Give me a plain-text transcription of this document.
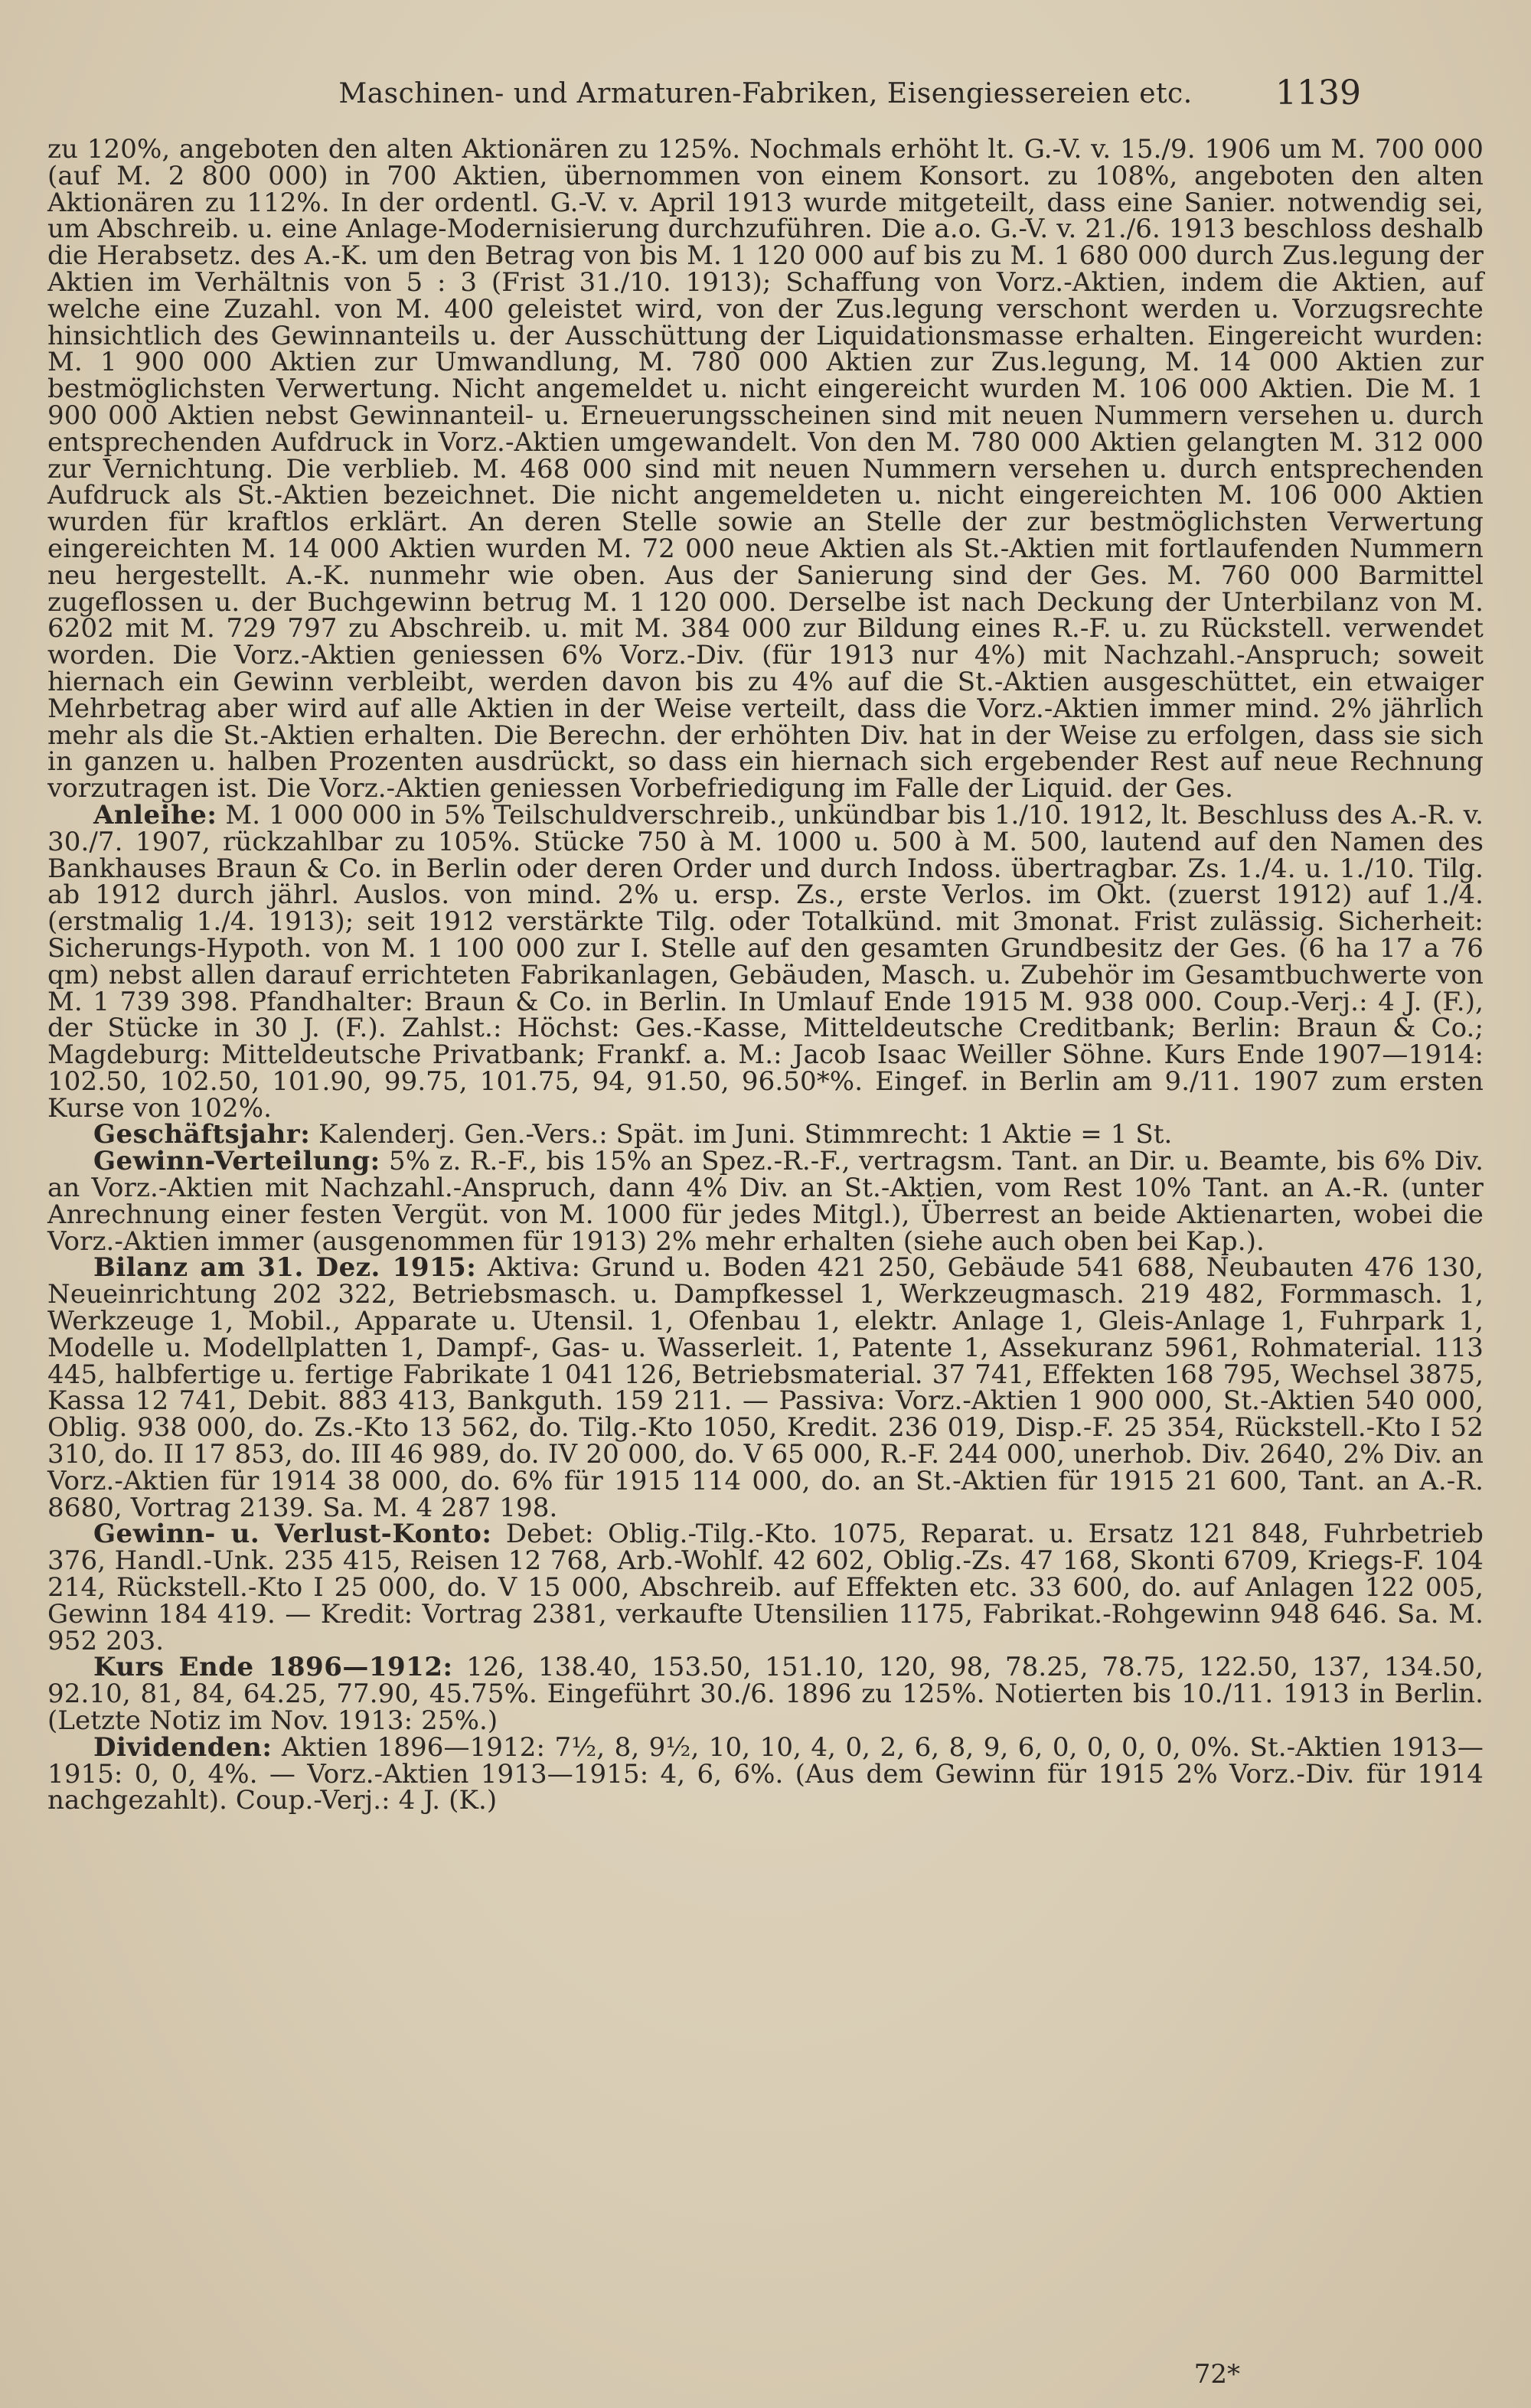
Maschinen- und Armaturen-Fabriken, Eisengiessereien etc.	1139

zu 120%, angeboten den alten Aktionären zu 125%. Nochmals erhöht lt. G.-V. v. 15./9. 1906 um M. 700 000 (auf M. 2 800 000) in 700 Aktien, übernommen von einem Konsort. zu 108%, angeboten den alten Aktionären zu 112%. In der ordentl. G.-V. v. April 1913 wurde mitgeteilt, dass eine Sanier. notwendig sei, um Abschreib. u. eine Anlage-Modernisierung durchzuführen. Die a.o. G.-V. v. 21./6. 1913 beschloss deshalb die Herabsetz. des A.-K. um den Betrag von bis M. 1 120 000 auf bis zu M. 1 680 000 durch Zus.legung der Aktien im Verhältnis von 5 : 3 (Frist 31./10. 1913); Schaffung von Vorz.-Aktien, indem die Aktien, auf welche eine Zuzahl. von M. 400 geleistet wird, von der Zus.legung verschont werden u. Vorzugsrechte hinsichtlich des Gewinnanteils u. der Ausschüttung der Liquidationsmasse erhalten. Eingereicht wurden: M. 1 900 000 Aktien zur Umwandlung, M. 780 000 Aktien zur Zus.legung, M. 14 000 Aktien zur bestmöglichsten Verwertung. Nicht angemeldet u. nicht eingereicht wurden M. 106 000 Aktien. Die M. 1 900 000 Aktien nebst Gewinnanteil- u. Erneuerungsscheinen sind mit neuen Nummern versehen u. durch entsprechenden Aufdruck in Vorz.-Aktien umgewandelt. Von den M. 780 000 Aktien gelangten M. 312 000 zur Vernichtung. Die verblieb. M. 468 000 sind mit neuen Nummern versehen u. durch entsprechenden Aufdruck als St.-Aktien bezeichnet. Die nicht angemeldeten u. nicht eingereichten M. 106 000 Aktien wurden für kraftlos erklärt. An deren Stelle sowie an Stelle der zur bestmöglichsten Verwertung eingereichten M. 14 000 Aktien wurden M. 72 000 neue Aktien als St.-Aktien mit fortlaufenden Nummern neu hergestellt. A.-K. nunmehr wie oben. Aus der Sanierung sind der Ges. M. 760 000 Barmittel zugeflossen u. der Buchgewinn betrug M. 1 120 000. Derselbe ist nach Deckung der Unterbilanz von M. 6202 mit M. 729 797 zu Abschreib. u. mit M. 384 000 zur Bildung eines R.-F. u. zu Rückstell. verwendet worden. Die Vorz.-Aktien geniessen 6% Vorz.-Div. (für 1913 nur 4%) mit Nachzahl.-Anspruch; soweit hiernach ein Gewinn verbleibt, werden davon bis zu 4% auf die St.-Aktien ausgeschüttet, ein etwaiger Mehrbetrag aber wird auf alle Aktien in der Weise verteilt, dass die Vorz.-Aktien immer mind. 2% jährlich mehr als die St.-Aktien erhalten. Die Berechn. der erhöhten Div. hat in der Weise zu erfolgen, dass sie sich in ganzen u. halben Prozenten ausdrückt, so dass ein hiernach sich ergebender Rest auf neue Rechnung vorzutragen ist. Die Vorz.-Aktien geniessen Vorbefriedigung im Falle der Liquid. der Ges.

Anleihe: M. 1 000 000 in 5% Teilschuldverschreib., unkündbar bis 1./10. 1912, lt. Beschluss des A.-R. v. 30./7. 1907, rückzahlbar zu 105%. Stücke 750 à M. 1000 u. 500 à M. 500, lautend auf den Namen des Bankhauses Braun & Co. in Berlin oder deren Order und durch Indoss. übertragbar. Zs. 1./4. u. 1./10. Tilg. ab 1912 durch jährl. Auslos. von mind. 2% u. ersp. Zs., erste Verlos. im Okt. (zuerst 1912) auf 1./4. (erstmalig 1./4. 1913); seit 1912 verstärkte Tilg. oder Totalkünd. mit 3monat. Frist zulässig. Sicherheit: Sicherungs-Hypoth. von M. 1 100 000 zur I. Stelle auf den gesamten Grundbesitz der Ges. (6 ha 17 a 76 qm) nebst allen darauf errichteten Fabrikanlagen, Gebäuden, Masch. u. Zubehör im Gesamtbuchwerte von M. 1 739 398. Pfandhalter: Braun & Co. in Berlin. In Umlauf Ende 1915 M. 938 000. Coup.-Verj.: 4 J. (F.), der Stücke in 30 J. (F.). Zahlst.: Höchst: Ges.-Kasse, Mitteldeutsche Creditbank; Berlin: Braun & Co.; Magdeburg: Mitteldeutsche Privatbank; Frankf. a. M.: Jacob Isaac Weiller Söhne. Kurs Ende 1907—1914: 102.50, 102.50, 101.90, 99.75, 101.75, 94, 91.50, 96.50*%. Eingef. in Berlin am 9./11. 1907 zum ersten Kurse von 102%.

Geschäftsjahr: Kalenderj. Gen.-Vers.: Spät. im Juni. Stimmrecht: 1 Aktie = 1 St.

Gewinn-Verteilung: 5% z. R.-F., bis 15% an Spez.-R.-F., vertragsm. Tant. an Dir. u. Beamte, bis 6% Div. an Vorz.-Aktien mit Nachzahl.-Anspruch, dann 4% Div. an St.-Aktien, vom Rest 10% Tant. an A.-R. (unter Anrechnung einer festen Vergüt. von M. 1000 für jedes Mitgl.), Überrest an beide Aktienarten, wobei die Vorz.-Aktien immer (ausgenommen für 1913) 2% mehr erhalten (siehe auch oben bei Kap.).

Bilanz am 31. Dez. 1915: Aktiva: Grund u. Boden 421 250, Gebäude 541 688, Neubauten 476 130, Neueinrichtung 202 322, Betriebsmasch. u. Dampfkessel 1, Werkzeugmasch. 219 482, Formmasch. 1, Werkzeuge 1, Mobil., Apparate u. Utensil. 1, Ofenbau 1, elektr. Anlage 1, Gleis-Anlage 1, Fuhrpark 1, Modelle u. Modellplatten 1, Dampf-, Gas- u. Wasserleit. 1, Patente 1, Assekuranz 5961, Rohmaterial. 113 445, halbfertige u. fertige Fabrikate 1 041 126, Betriebsmaterial. 37 741, Effekten 168 795, Wechsel 3875, Kassa 12 741, Debit. 883 413, Bankguth. 159 211. — Passiva: Vorz.-Aktien 1 900 000, St.-Aktien 540 000, Oblig. 938 000, do. Zs.-Kto 13 562, do. Tilg.-Kto 1050, Kredit. 236 019, Disp.-F. 25 354, Rückstell.-Kto I 52 310, do. II 17 853, do. III 46 989, do. IV 20 000, do. V 65 000, R.-F. 244 000, unerhob. Div. 2640, 2% Div. an Vorz.-Aktien für 1914 38 000, do. 6% für 1915 114 000, do. an St.-Aktien für 1915 21 600, Tant. an A.-R. 8680, Vortrag 2139. Sa. M. 4 287 198.

Gewinn- u. Verlust-Konto: Debet: Oblig.-Tilg.-Kto. 1075, Reparat. u. Ersatz 121 848, Fuhrbetrieb 376, Handl.-Unk. 235 415, Reisen 12 768, Arb.-Wohlf. 42 602, Oblig.-Zs. 47 168, Skonti 6709, Kriegs-F. 104 214, Rückstell.-Kto I 25 000, do. V 15 000, Abschreib. auf Effekten etc. 33 600, do. auf Anlagen 122 005, Gewinn 184 419. — Kredit: Vortrag 2381, verkaufte Utensilien 1175, Fabrikat.-Rohgewinn 948 646. Sa. M. 952 203.

Kurs Ende 1896—1912: 126, 138.40, 153.50, 151.10, 120, 98, 78.25, 78.75, 122.50, 137, 134.50, 92.10, 81, 84, 64.25, 77.90, 45.75%. Eingeführt 30./6. 1896 zu 125%. Notierten bis 10./11. 1913 in Berlin. (Letzte Notiz im Nov. 1913: 25%.)

Dividenden: Aktien 1896—1912: 7½, 8, 9½, 10, 10, 4, 0, 2, 6, 8, 9, 6, 0, 0, 0, 0, 0%. St.-Aktien 1913—1915: 0, 0, 4%. — Vorz.-Aktien 1913—1915: 4, 6, 6%. (Aus dem Gewinn für 1915 2% Vorz.-Div. für 1914 nachgezahlt). Coup.-Verj.: 4 J. (K.)

72*
